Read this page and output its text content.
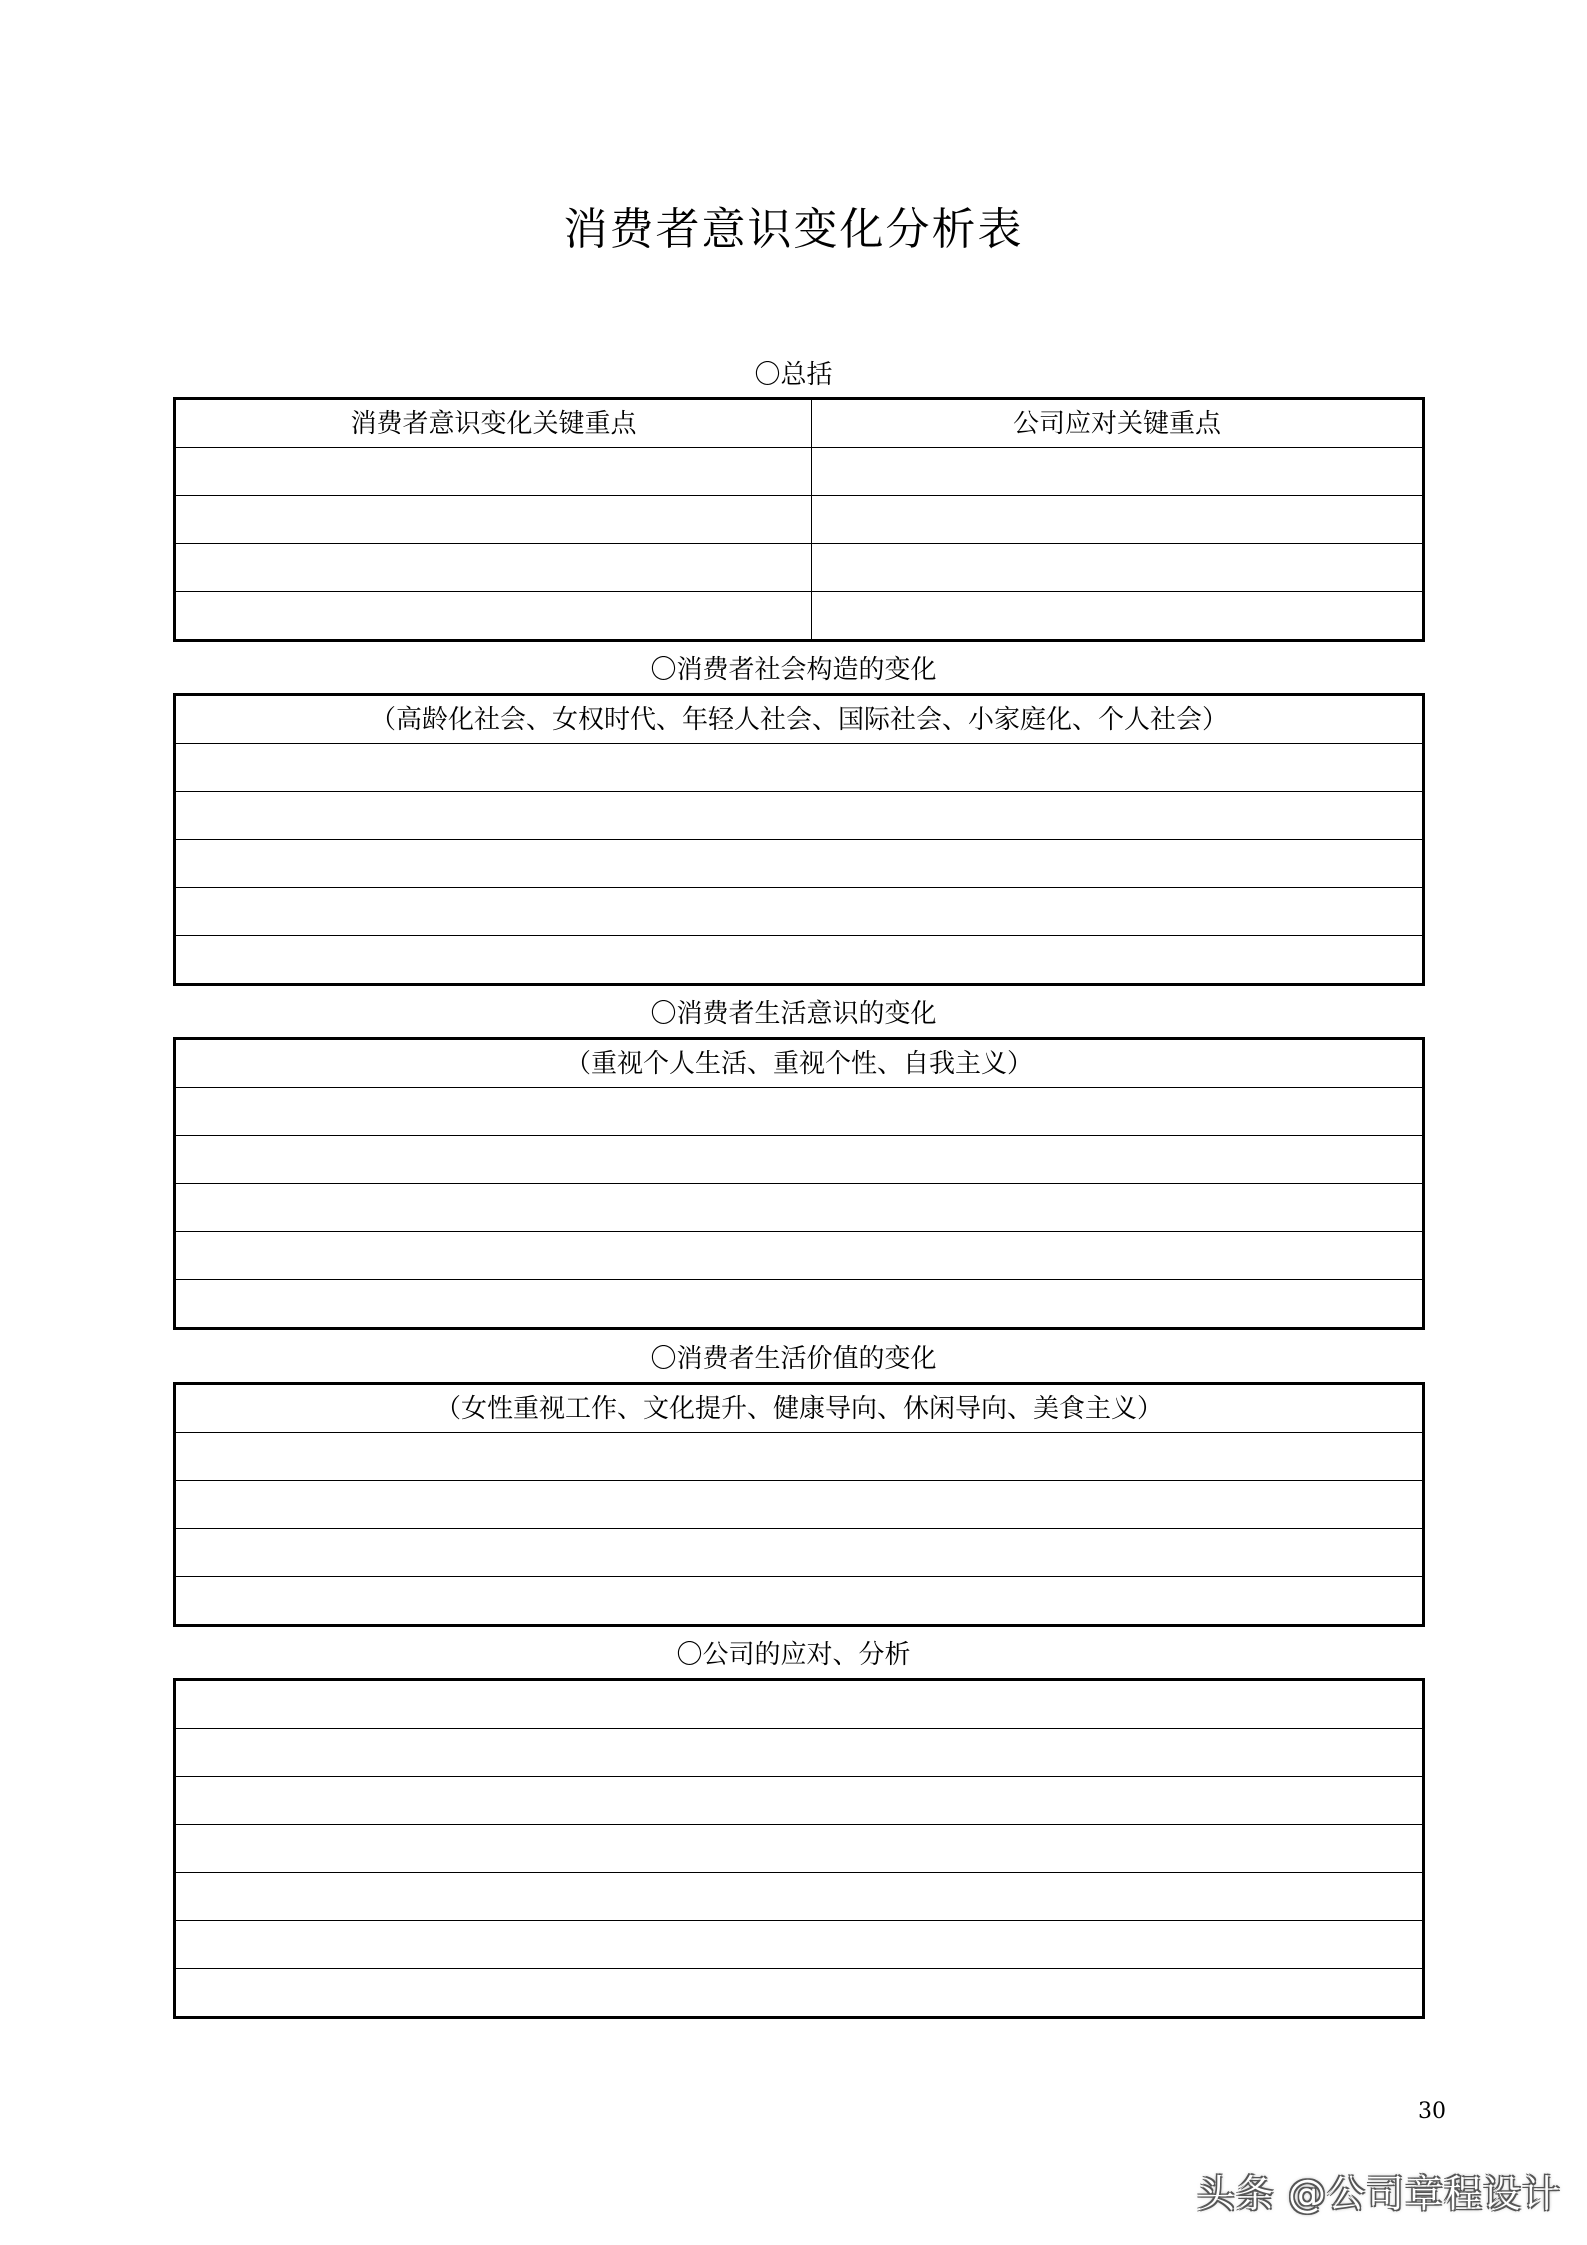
消费者意识变化分析表
〇总括
消费者意识变化关键重点	公司应对关键重点

〇消费者社会构造的变化
（高龄化社会、女权时代、年轻人社会、国际社会、小家庭化、个人社会）

〇消费者生活意识的变化
（重视个人生活、重视个性、自我主义）

〇消费者生活价值的变化
（女性重视工作、文化提升、健康导向、休闲导向、美食主义）

〇公司的应对、分析

30
头条 @公司章程设计
